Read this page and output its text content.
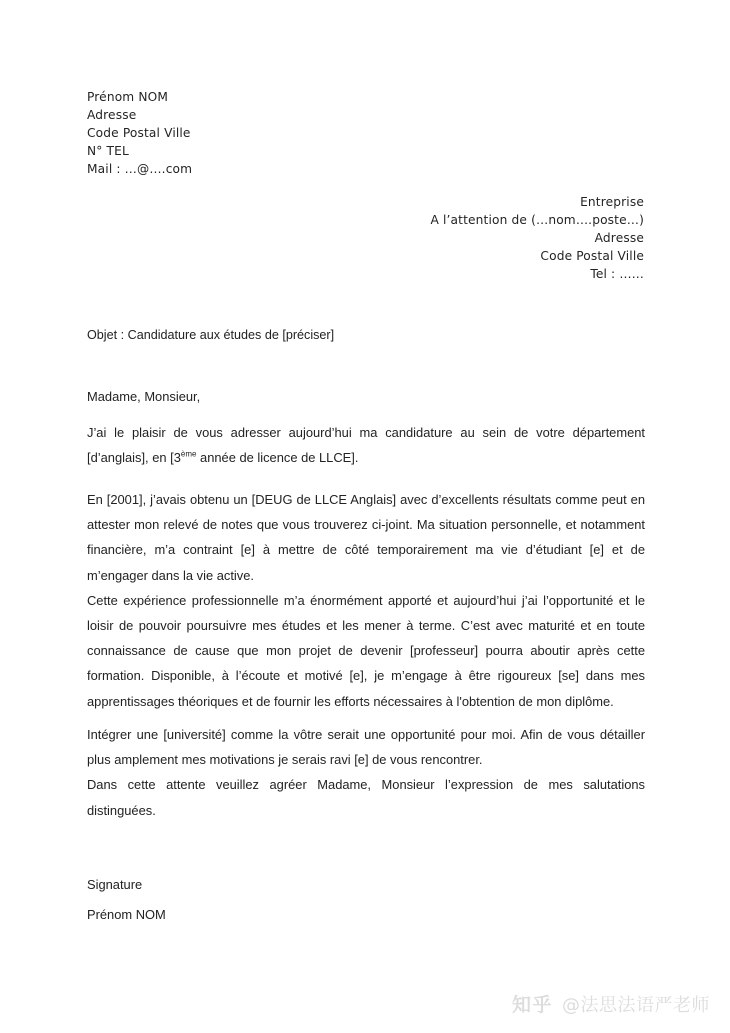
Prénom NOM
Adresse
Code Postal Ville
N° TEL
Mail : …@….com
Entreprise
A l’attention de (…nom….poste…)
Adresse
Code Postal Ville
Tel : ……
Objet : Candidature aux études de [préciser]

Madame, Monsieur,

J’ai le plaisir de vous adresser aujourd’hui ma candidature au sein de votre département [d’anglais], en [3ème année de licence de LLCE].

En [2001], j’avais obtenu un [DEUG de LLCE Anglais] avec d’excellents résultats comme peut en attester mon relevé de notes que vous trouverez ci-joint. Ma situation personnelle, et notamment financière, m’a contraint [e] à mettre de côté temporairement ma vie d’étudiant [e] et de m’engager dans la vie active.

Cette expérience professionnelle m’a énormément apporté et aujourd’hui j’ai l’opportunité et le loisir de pouvoir poursuivre mes études et les mener à terme. C’est avec maturité et en toute connaissance de cause que mon projet de devenir [professeur] pourra aboutir après cette formation. Disponible, à l’écoute et motivé [e], je m’engage à être rigoureux [se] dans mes apprentissages théoriques et de fournir les efforts nécessaires à l'obtention de mon diplôme.

Intégrer une [université] comme la vôtre serait une opportunité pour moi. Afin de vous détailler plus amplement mes motivations je serais ravi [e] de vous rencontrer.

Dans cette attente veuillez agréer Madame, Monsieur l’expression de mes salutations distinguées.

Signature
Prénom NOM
知乎 @法思法语严老师
